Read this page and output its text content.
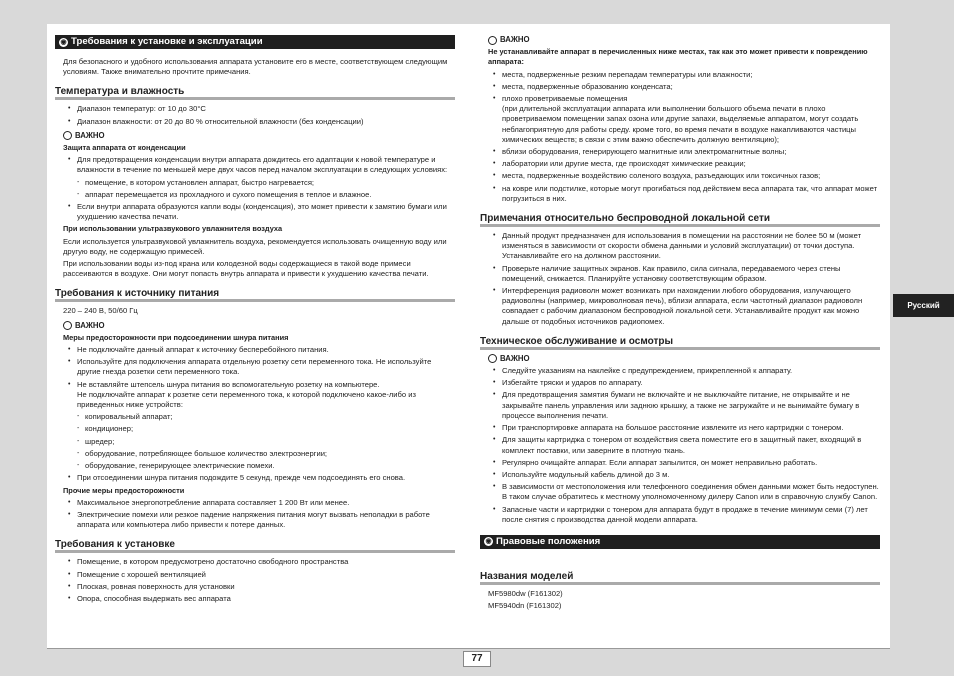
77
Русский
◉ Требования к установке и эксплуатации

Для безопасного и удобного использования аппарата установите его в месте, соответствующем следующим условиям. Также внимательно прочтите примечания.

Температура и влажность
• Диапазон температур: от 10 до 30°C
• Диапазон влажности: от 20 до 80 % относительной влажности (без конденсации)
ВАЖНО
Защита аппарата от конденсации
• Для предотвращения конденсации внутри аппарата дождитесь его адаптации к новой температуре и влажности в течение по меньшей мере двух часов перед началом эксплуатации в следующих условиях:
- помещение, в котором установлен аппарат, быстро нагревается;
- аппарат перемещается из прохладного и сухого помещения в теплое и влажное.
• Если внутри аппарата образуются капли воды (конденсация), это может привести к замятию бумаги или ухудшению качества печати.
При использовании ультразвукового увлажнителя воздуха

Если используется ультразвуковой увлажнитель воздуха, рекомендуется использовать очищенную воду или другую воду, не содержащую примесей.

При использовании воды из-под крана или колодезной воды содержащиеся в такой воде примеси рассеиваются в воздухе. Они могут попасть внутрь аппарата и привести к ухудшению качества печати.

Требования к источнику питания

220 – 240 В, 50/60 Гц

ВАЖНО
Меры предосторожности при подсоединении шнура питания
• Не подключайте данный аппарат к источнику бесперебойного питания.
• Используйте для подключения аппарата отдельную розетку сети переменного тока. Не используйте другие гнезда розетки сети переменного тока.
• Не вставляйте штепсель шнура питания во вспомогательную розетку на компьютере.
Не подключайте аппарат к розетке сети переменного тока, к которой подключено какое-либо из приведенных ниже устройств:
- копировальный аппарат;
- кондиционер;
- шредер;
- оборудование, потребляющее большое количество электроэнергии;
- оборудование, генерирующее электрические помехи.
• При отсоединении шнура питания подождите 5 секунд, прежде чем подсоединять его снова.
Прочие меры предосторожности
• Максимальное энергопотребление аппарата составляет 1 200 Вт или менее.
• Электрические помехи или резкое падение напряжения питания могут вызвать неполадки в работе аппарата или компьютера либо привести к потере данных.
Требования к установке
• Помещение, в котором предусмотрено достаточно свободного пространства
• Помещение с хорошей вентиляцией
• Плоская, ровная поверхность для установки
• Опора, способная выдержать вес аппарата
ВАЖНО
Не устанавливайте аппарат в перечисленных ниже местах, так как это может привести к повреждению аппарата:
• места, подверженные резким перепадам температуры или влажности;
• места, подверженные образованию конденсата;
• плохо проветриваемые помещения
(при длительной эксплуатации аппарата или выполнении большого объема печати в плохо проветриваемом помещении запах озона или другие запахи, выделяемые аппаратом, могут создать неблагоприятную для работы среду. кроме того, во время печати в воздухе накапливаются частицы химических веществ; в связи с этим важно обеспечить должную вентиляцию);
• вблизи оборудования, генерирующего магнитные или электромагнитные волны;
• лаборатории или другие места, где происходят химические реакции;
• места, подверженные воздействию соленого воздуха, разъедающих или токсичных газов;
• на ковре или подстилке, которые могут прогибаться под действием веса аппарата так, что аппарат может погрузиться в них.
Примечания относительно беспроводной локальной сети
• Данный продукт предназначен для использования в помещении на расстоянии не более 50 м (может изменяться в зависимости от скорости обмена данными и условий эксплуатации) от точки доступа. Устанавливайте его на должном расстоянии.
• Проверьте наличие защитных экранов. Как правило, сила сигнала, передаваемого через стены помещений, снижается. Планируйте установку соответствующим образом.
• Интерференция радиоволн может возникать при нахождении любого оборудования, излучающего радиоволны (например, микроволновая печь), вблизи аппарата, если частотный диапазон радиоволн совпадает с рабочим диапазоном беспроводной локальной сети. Устанавливайте продукт как можно дальше от подобных источников радиопомех.
Техническое обслуживание и осмотры
ВАЖНО
• Следуйте указаниям на наклейке с предупреждением, прикрепленной к аппарату.
• Избегайте тряски и ударов по аппарату.
• Для предотвращения замятия бумаги не включайте и не выключайте питание, не открывайте и не закрывайте панель управления или заднюю крышку, а также не загружайте и не вынимайте бумагу в процессе выполнения печати.
• При транспортировке аппарата на большое расстояние извлеките из него картриджи с тонером.
• Для защиты картриджа с тонером от воздействия света поместите его в защитный пакет, входящий в комплект поставки, или заверните в плотную ткань.
• Регулярно очищайте аппарат. Если аппарат запылится, он может неправильно работать.
• Используйте модульный кабель длиной до 3 м.
• В зависимости от местоположения или телефонного соединения обмен данными может быть недоступен. В таком случае обратитесь к местному уполномоченному дилеру Canon или в справочную службу Canon.
• Запасные части и картриджи с тонером для аппарата будут в продаже в течение минимум семи (7) лет после снятия с производства данной модели аппарата.
◉ Правовые положения
Названия моделей

MF5980dw (F161302)

MF5940dn (F161302)
